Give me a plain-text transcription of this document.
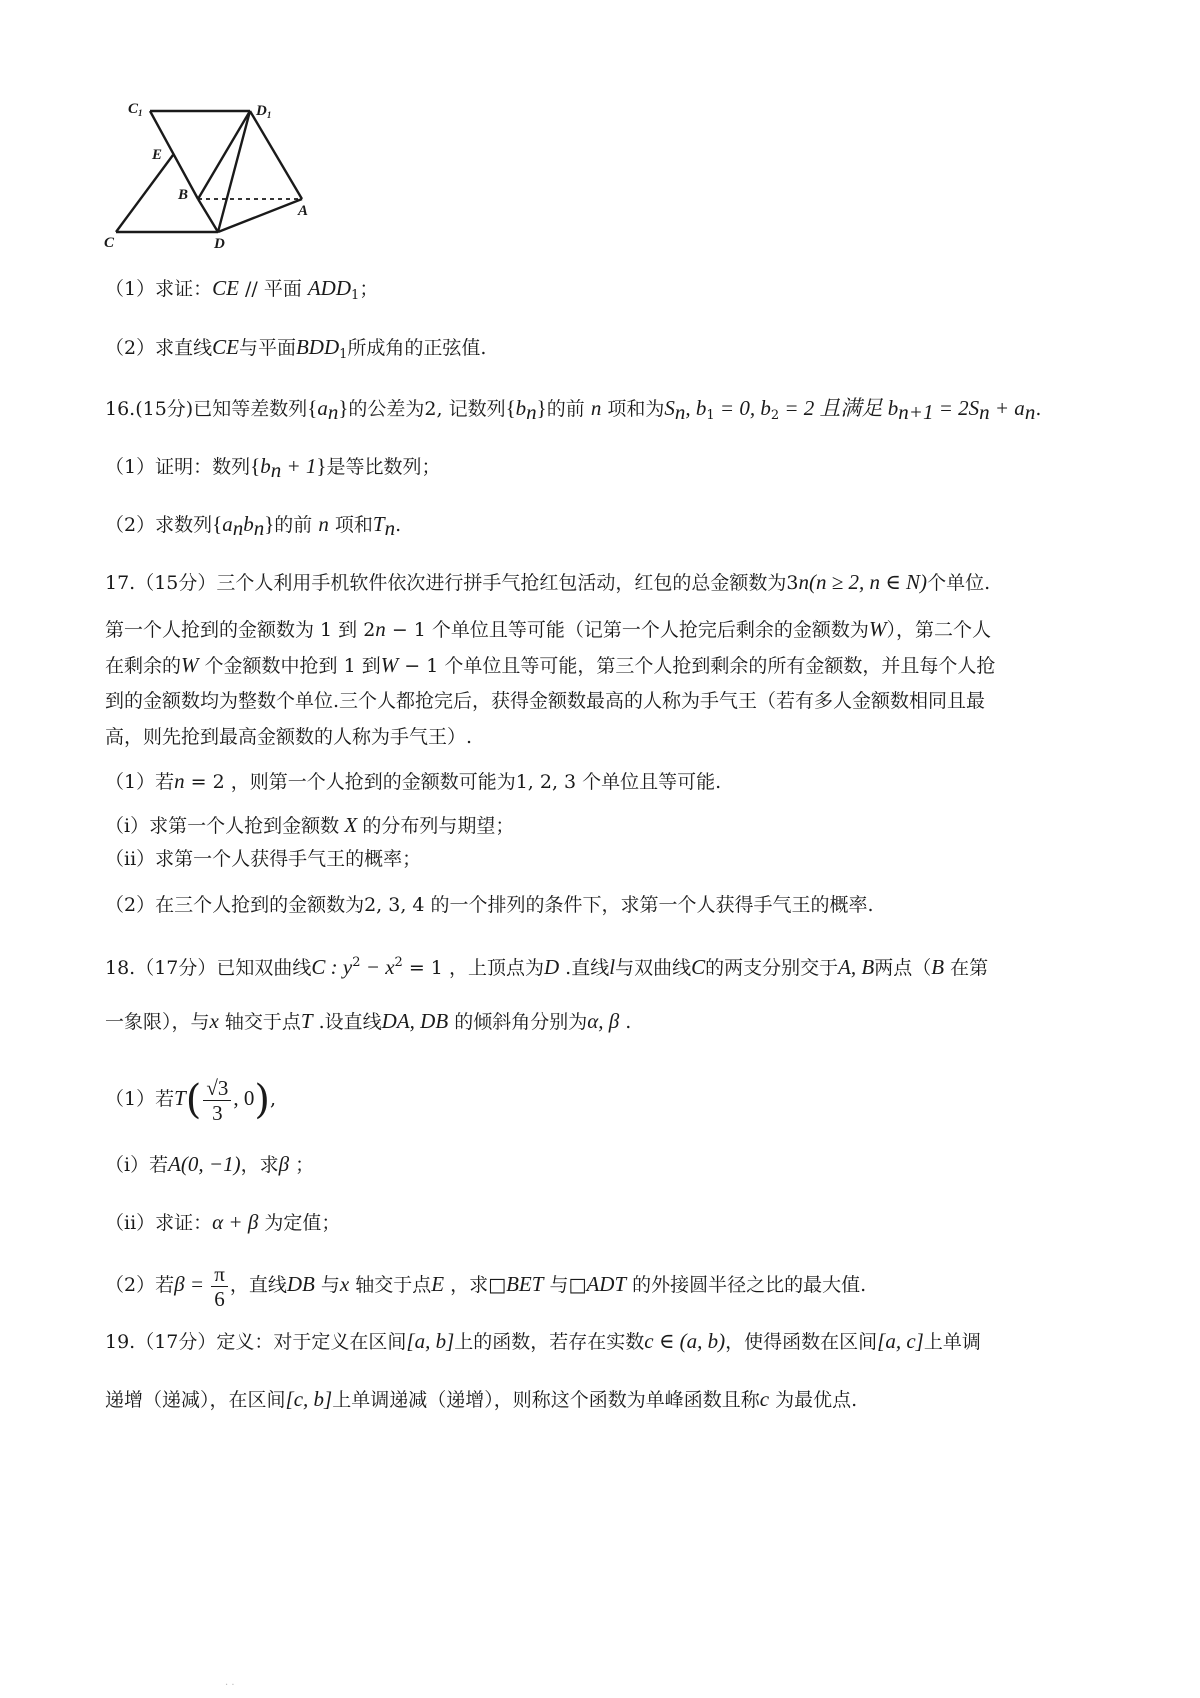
$C_1$	$D_1$
E
B
A
C	D
（1）求证：CE // 平面 $ADD_1$；
（2）求直线CE与平面$BDD_1$所成角的正弦值.
16.(15分)已知等差数列$\{a_n\}$的公差为2, 记数列$\{b_n\}$的前 n 项和为$S_n$, $b_1 = 0$, $b_2 = 2$ 且满足 $b_{n+1} = 2S_n + a_n$.
（1）证明：数列$\{b_n + 1\}$是等比数列；
（2）求数列$\{a_nb_n\}$的前 n 项和$T_n$.
17.（15分）三个人利用手机软件依次进行拼手气抢红包活动，红包的总金额数为3n(n ≥ 2, n ∈ N)个单位.
第一个人抢到的金额数为 1 到 2n − 1 个单位且等可能（记第一个人抢完后剩余的金额数为W），第二个人
在剩余的W 个金额数中抢到 1 到W − 1 个单位且等可能，第三个人抢到剩余的所有金额数，并且每个人抢
到的金额数均为整数个单位.三个人都抢完后，获得金额数最高的人称为手气王（若有多人金额数相同且最
高，则先抢到最高金额数的人称为手气王）.
（1）若n = 2 ，则第一个人抢到的金额数可能为1, 2, 3 个单位且等可能.
（i）求第一个人抢到金额数 X 的分布列与期望；
（ii）求第一个人获得手气王的概率；
（2）在三个人抢到的金额数为2, 3, 4 的一个排列的条件下，求第一个人获得手气王的概率.
18.（17分）已知双曲线C : $y^2 - x^2 = 1$ ，上顶点为D .直线l与双曲线C的两支分别交于A, B两点（B 在第
一象限），与x 轴交于点T .设直线DA, DB 的倾斜角分别为α, β .
（1）若$T( \frac{√3}{3}$ , 0),
（i）若A(0, −1)，求β ；
（ii）求证：α + β 为定值；
（2）若$\beta = \frac{\pi}{6}$ ，直线DB 与x 轴交于点E ，求□BET 与□ADT 的外接圆半径之比的最大值.
19.（17分）定义：对于定义在区间[a, b]上的函数，若存在实数c ∈ (a, b)，使得函数在区间[a, c]上单调
递增（递减），在区间[c, b]上单调递减（递增），则称这个函数为单峰函数且称c 为最优点.
· ·
